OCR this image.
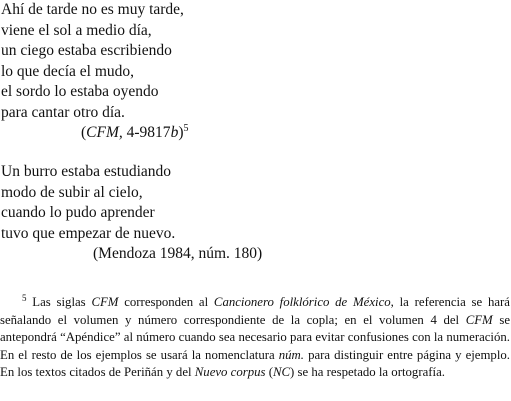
Ahí de tarde no es muy tarde,
viene el sol a medio día,
un ciego estaba escribiendo
lo que decía el mudo,
el sordo lo estaba oyendo
para cantar otro día.
(CFM, 4-9817b)$^5$
Un burro estaba estudiando
modo de subir al cielo,
cuando lo pudo aprender
tuvo que empezar de nuevo.
(Mendoza 1984, núm. 180)

$^5$ Las siglas CFM corresponden al Cancionero folklórico de México, la referencia se hará señalando el volumen y número correspondiente de la copla; en el volumen 4 del CFM se antepondrá “Apéndice” al número cuando sea necesario para evitar confusiones con la numeración. En el resto de los ejemplos se usará la nomenclatura núm. para distinguir entre página y ejemplo. En los textos citados de Periñán y del Nuevo corpus (NC) se ha respetado la ortografía.
